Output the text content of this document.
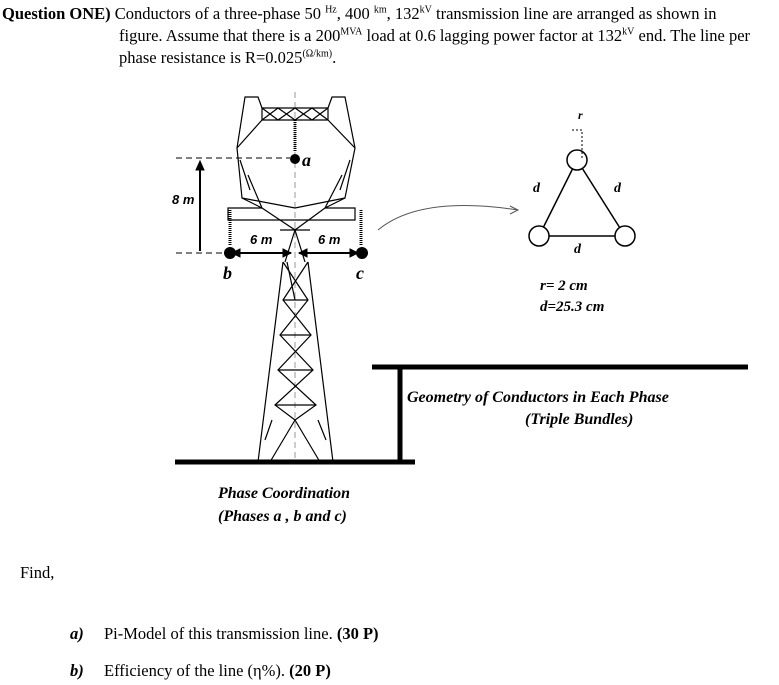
Question ONE) Conductors of a three-phase 50 $^{Hz}$, 400 $^{km}$, $132^{kV}$ transmission line are arranged as shown in
figure. Assume that there is a $200^{MVA}$ load at 0.6 lagging power factor at $132^{kV}$ end. The line per
phase resistance is $R=0.025^{(\Omega/km)}$.
8 m
6 m	6 m
a
b	c
Phase Coordination
(Phases a , b and c)
r
d	d
d
r= 2 cm
d=25.3 cm
Geometry of Conductors in Each Phase
(Triple Bundles)
Find,
a) Pi-Model of this transmission line. (30 P)
b) Efficiency of the line (η%). (20 P)
